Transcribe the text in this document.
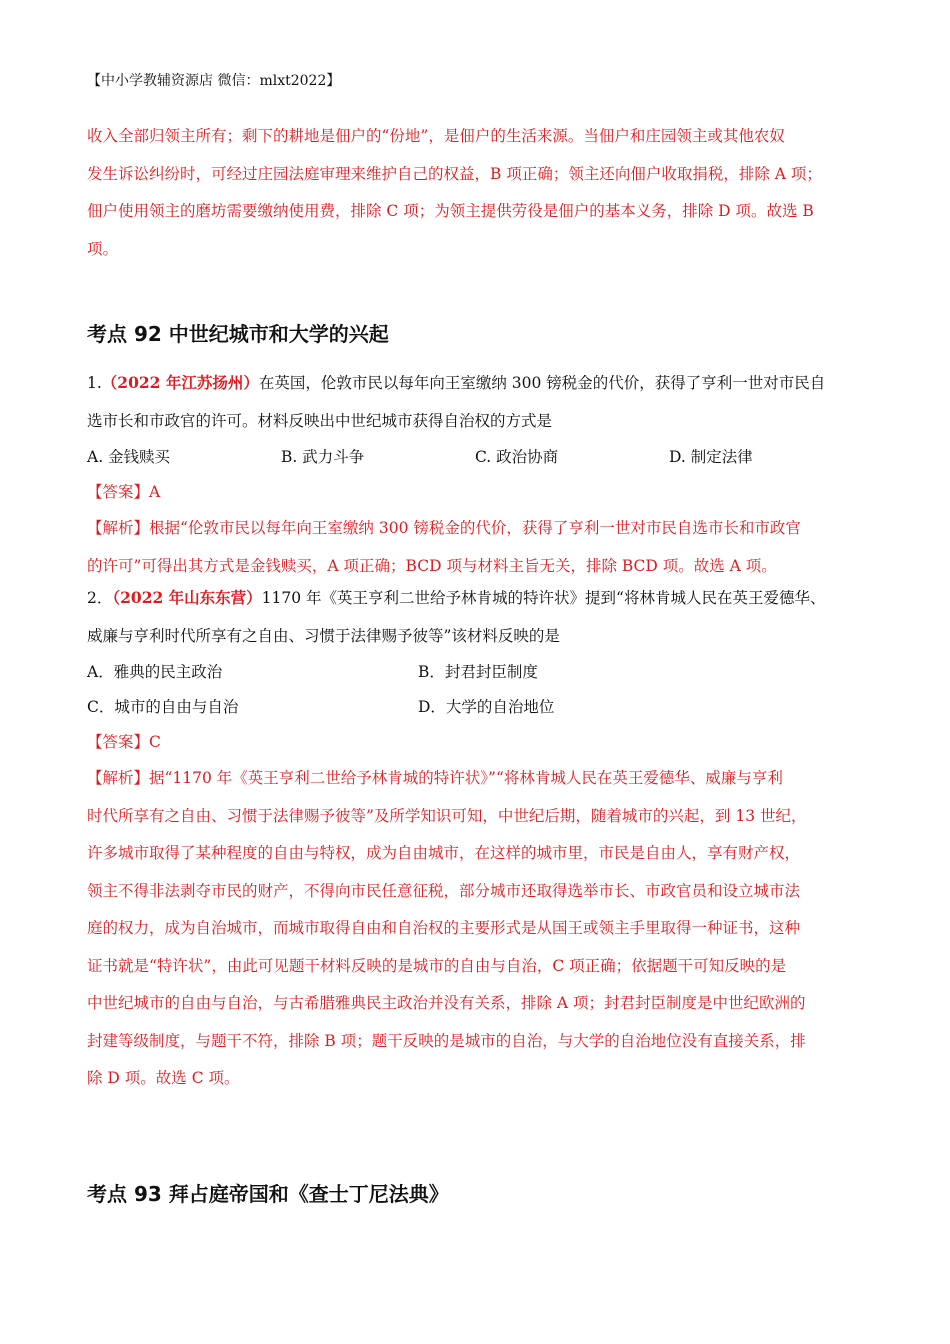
【中小学教辅资源店 微信：mlxt2022】
收入全部归领主所有；剩下的耕地是佃户的“份地”，是佃户的生活来源。当佃户和庄园领主或其他农奴
发生诉讼纠纷时，可经过庄园法庭审理来维护自己的权益，B 项正确；领主还向佃户收取捐税，排除 A 项；
佃户使用领主的磨坊需要缴纳使用费，排除 C 项；为领主提供劳役是佃户的基本义务，排除 D 项。故选 B
项。
考点 92 中世纪城市和大学的兴起
1.（2022 年江苏扬州）在英国，伦敦市民以每年向王室缴纳 300 镑税金的代价，获得了亨利一世对市民自
选市长和市政官的许可。材料反映出中世纪城市获得自治权的方式是
A. 金钱赎买	B. 武力斗争	C. 政治协商	D. 制定法律
【答案】A
【解析】根据“伦敦市民以每年向王室缴纳 300 镑税金的代价，获得了亨利一世对市民自选市长和市政官
的许可”可得出其方式是金钱赎买，A 项正确；BCD 项与材料主旨无关，排除 BCD 项。故选 A 项。
2．（2022 年山东东营）1170 年《英王亨利二世给予林肯城的特许状》提到“将林肯城人民在英王爱德华、
威廉与亨利时代所享有之自由、习惯于法律赐予彼等”该材料反映的是
A．雅典的民主政治	B．封君封臣制度
C．城市的自由与自治	D．大学的自治地位
【答案】C
【解析】据“1170 年《英王亨利二世给予林肯城的特许状》”“将林肯城人民在英王爱德华、威廉与亨利
时代所享有之自由、习惯于法律赐予彼等”及所学知识可知，中世纪后期，随着城市的兴起，到 13 世纪，
许多城市取得了某种程度的自由与特权，成为自由城市，在这样的城市里，市民是自由人，享有财产权，
领主不得非法剥夺市民的财产，不得向市民任意征税，部分城市还取得选举市长、市政官员和设立城市法
庭的权力，成为自治城市，而城市取得自由和自治权的主要形式是从国王或领主手里取得一种证书，这种
证书就是“特许状”，由此可见题干材料反映的是城市的自由与自治，C 项正确；依据题干可知反映的是
中世纪城市的自由与自治，与古希腊雅典民主政治并没有关系，排除 A 项；封君封臣制度是中世纪欧洲的
封建等级制度，与题干不符，排除 B 项；题干反映的是城市的自治，与大学的自治地位没有直接关系，排
除 D 项。故选 C 项。
考点 93 拜占庭帝国和《查士丁尼法典》
